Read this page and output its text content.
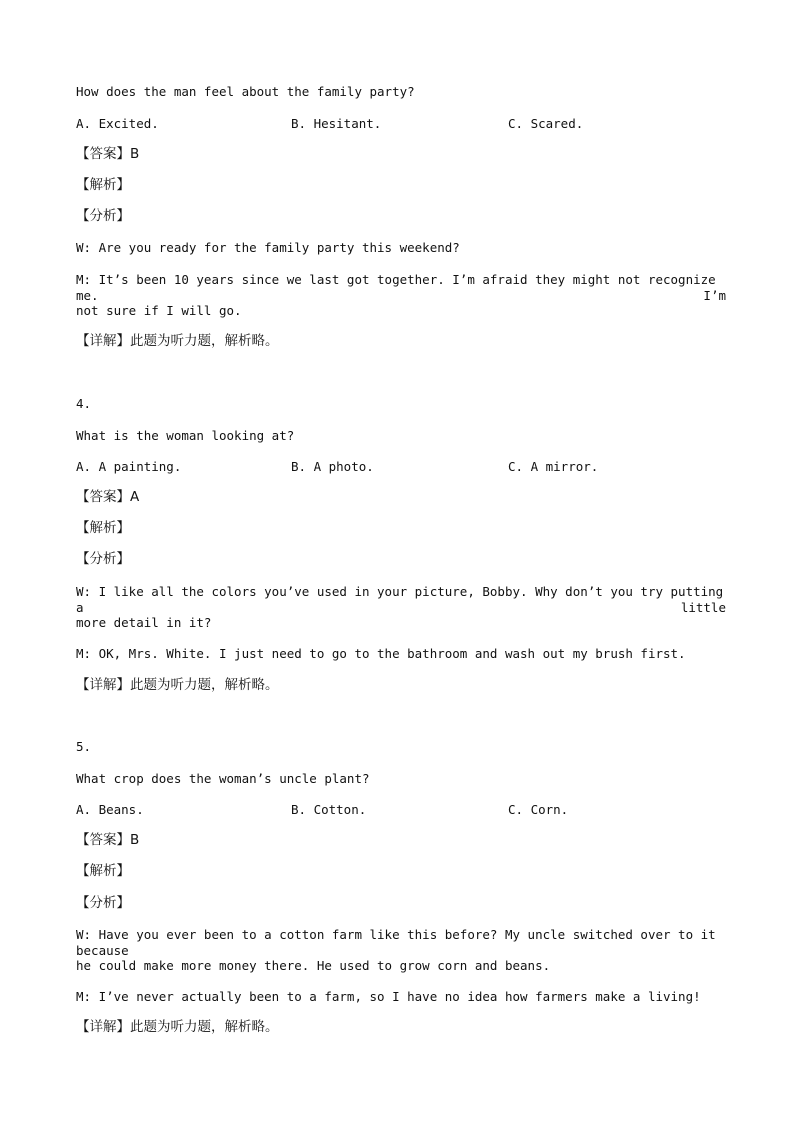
How does the man feel about the family party?
A. Excited.	B. Hesitant.	C. Scared.
【答案】B
【解析】
【分析】
W: Are you ready for the family party this weekend?
M: It’s been 10 years since we last got together. I’m afraid they might not recognize me. I’m
not sure if I will go.
【详解】此题为听力题，解析略。
4.
What is the woman looking at?
A. A painting.	B. A photo.	C. A mirror.
【答案】A
【解析】
【分析】
W: I like all the colors you’ve used in your picture, Bobby. Why don’t you try putting a little
more detail in it?
M: OK, Mrs. White. I just need to go to the bathroom and wash out my brush first.
【详解】此题为听力题，解析略。
5.
What crop does the woman’s uncle plant?
A. Beans.	B. Cotton.	C. Corn.
【答案】B
【解析】
【分析】
W: Have you ever been to a cotton farm like this before? My uncle switched over to it because
he could make more money there. He used to grow corn and beans.
M: I’ve never actually been to a farm, so I have no idea how farmers make a living!
【详解】此题为听力题，解析略。
